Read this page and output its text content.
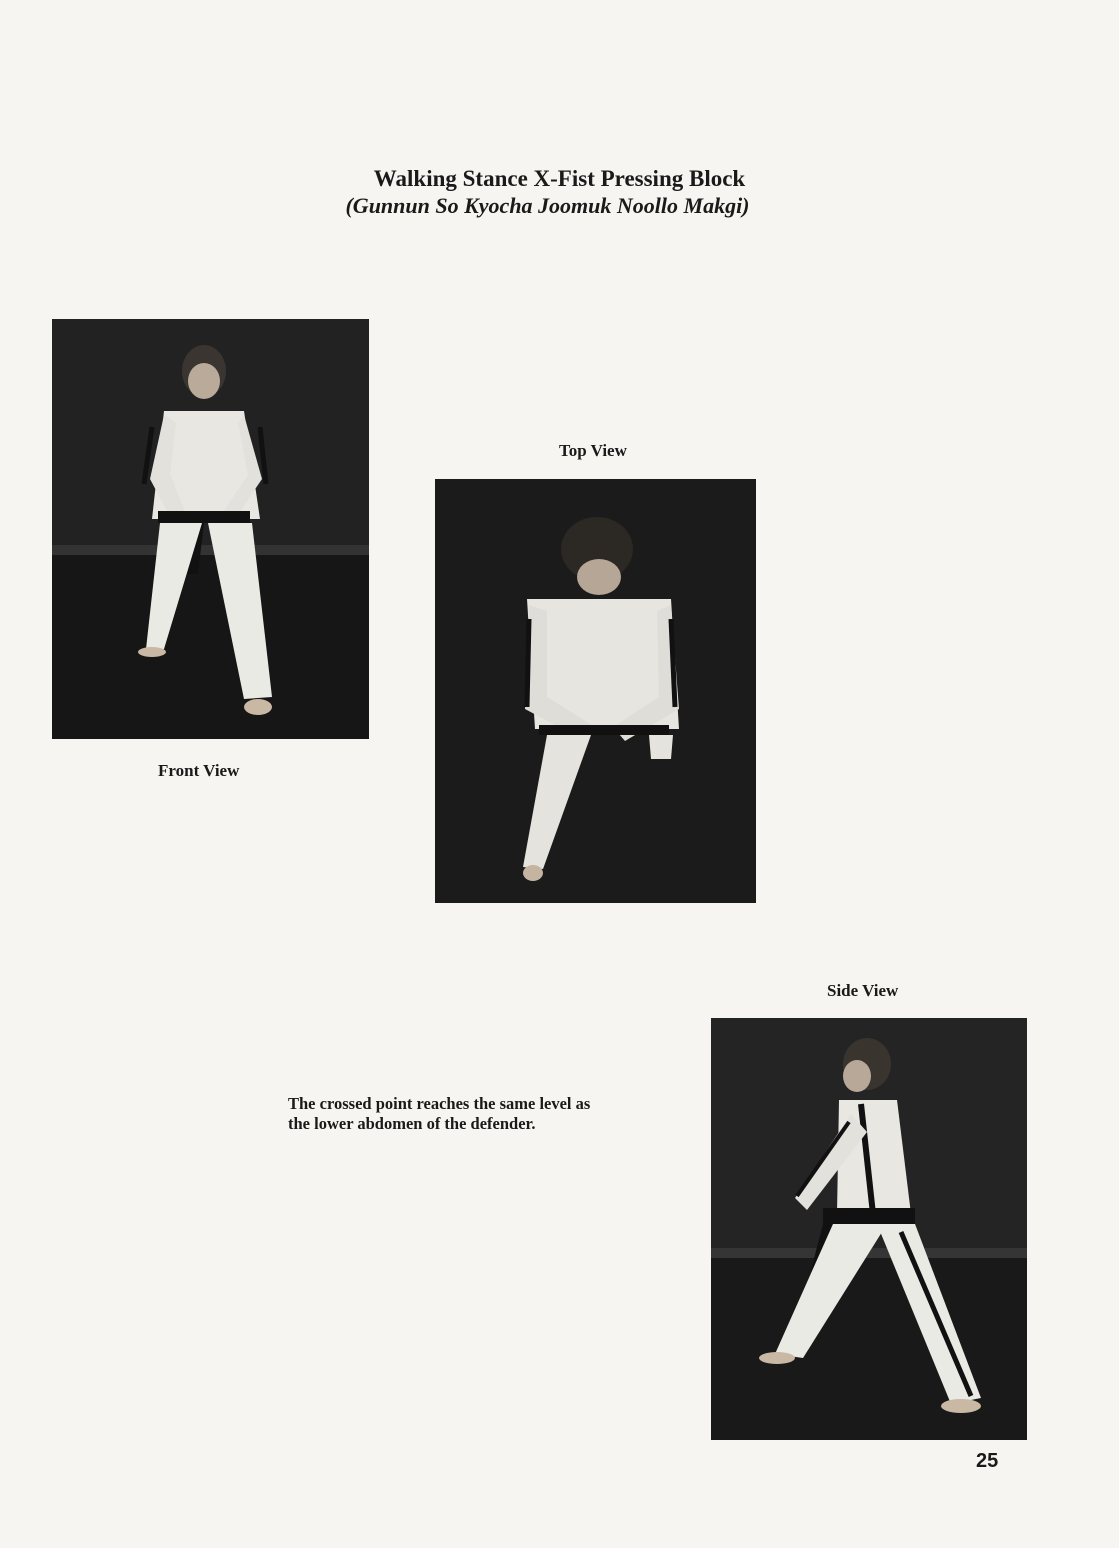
Walking Stance X-Fist Pressing Block
(Gunnun So Kyocha Joomuk Noollo Makgi)
Front View
Top View
Side View

The crossed point reaches the same level as
the lower abdomen of the defender.

25
